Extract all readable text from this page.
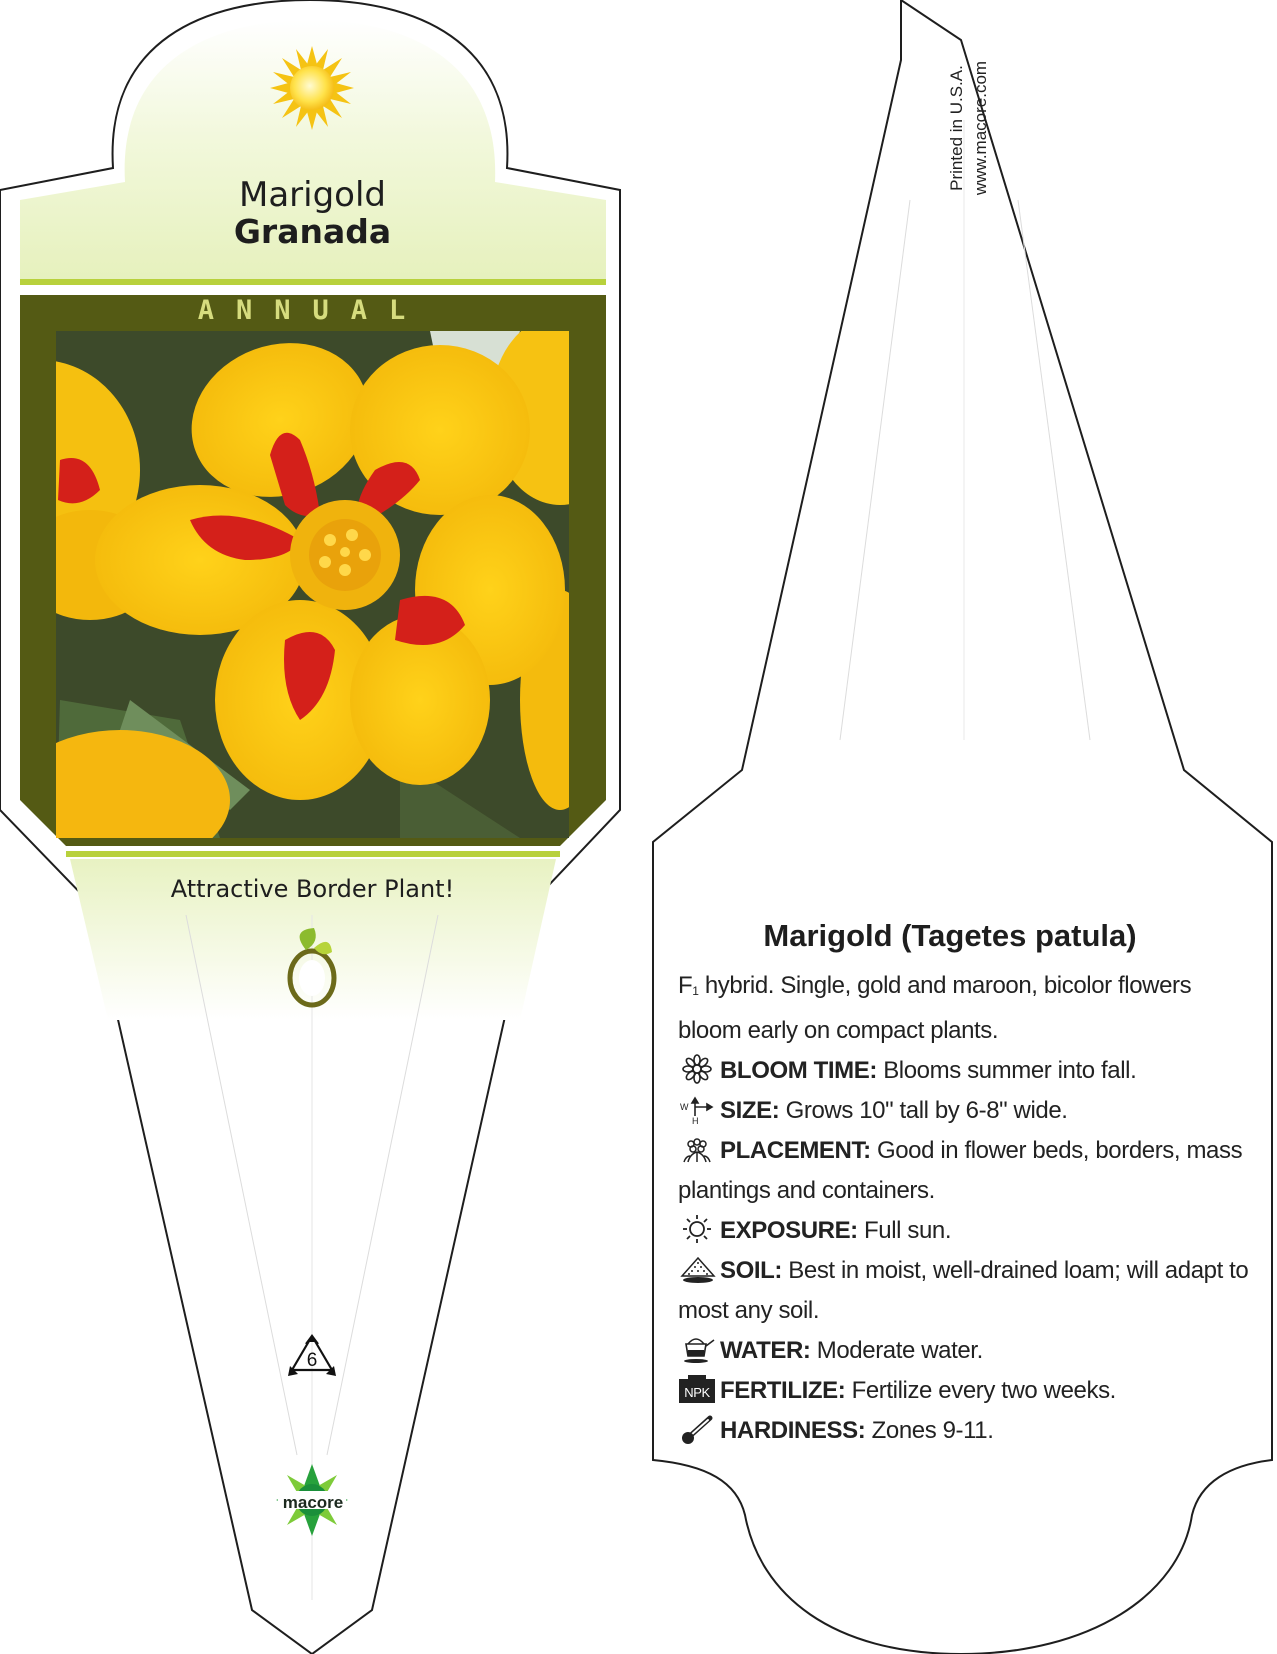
Marigold

Granada

ANNUAL

Attractive Border Plant!

6

macore

Printed in U.S.A. www.macore.com

Marigold (Tagetes patula)

F1 hybrid. Single, gold and maroon, bicolor flowers bloom early on compact plants.

BLOOM TIME: Blooms summer into fall.

W
H SIZE: Grows 10" tall by 6-8" wide.

PLACEMENT: Good in flower beds, borders, mass plantings and containers.

EXPOSURE: Full sun.

SOIL: Best in moist, well-drained loam; will adapt to most any soil.

WATER: Moderate water.

NPK FERTILIZE: Fertilize every two weeks.

HARDINESS: Zones 9-11.
